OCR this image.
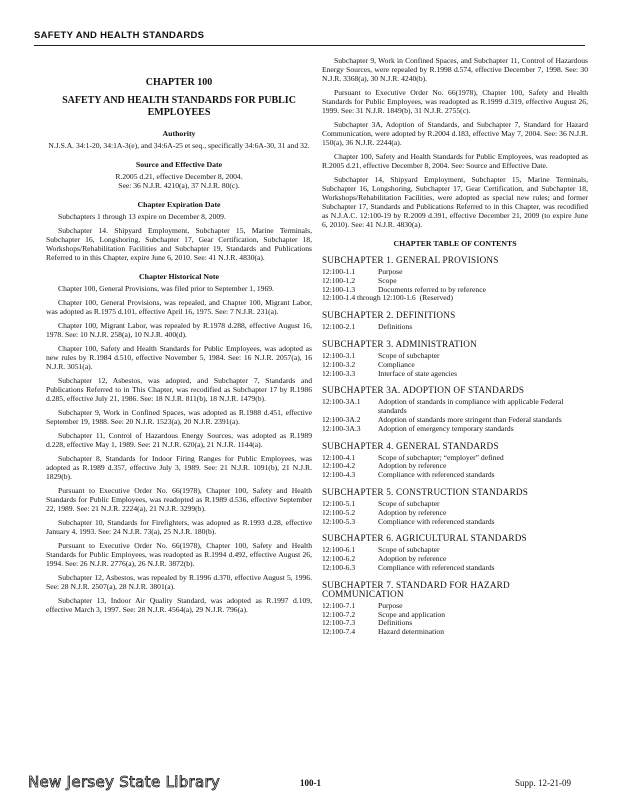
SAFETY AND HEALTH STANDARDS
CHAPTER 100
SAFETY AND HEALTH STANDARDS FOR PUBLIC EMPLOYEES
Authority

N.J.S.A. 34:1-20, 34:1A-3(e), and 34:6A-25 et seq., specifically 34:6A-30, 31 and 32.

Source and Effective Date

R.2005 d.21, effective December 8, 2004.

See: 36 N.J.R. 4210(a), 37 N.J.R. 80(c).

Chapter Expiration Date

Subchapters 1 through 13 expire on December 8, 2009.

Subchapter 14. Shipyard Employment, Subchapter 15, Marine Terminals, Subchapter 16, Longshoring, Subchapter 17, Gear Certification, Subchapter 18, Workshops/Rehabilitation Facilities and Subchapter 19, Standards and Publications Referred to in this Chapter, expire June 6, 2010. See: 41 N.J.R. 4830(a).

Chapter Historical Note

Chapter 100, General Provisions, was filed prior to September 1, 1969.

Chapter 100, General Provisions, was repealed, and Chapter 100, Migrant Labor, was adopted as R.1975 d.101, effective April 16, 1975. See: 7 N.J.R. 231(a).

Chapter 100, Migrant Labor, was repealed by R.1978 d.288, effective August 16, 1978. See: 10 N.J.R. 258(a), 10 N.J.R. 400(d).

Chapter 100, Safety and Health Standards for Public Employees, was adopted as new rules by R.1984 d.510, effective November 5, 1984. See: 16 N.J.R. 2057(a), 16 N.J.R. 3051(a).

Subchapter 12, Asbestos, was adopted, and Subchapter 7, Standards and Publications Referred to in This Chapter, was recodified as Subchapter 17 by R.1986 d.285, effective July 21, 1986. See: 18 N.J.R. 811(b), 18 N.J.R. 1479(b).

Subchapter 9, Work in Confined Spaces, was adopted as R.1988 d.451, effective September 19, 1988. See: 20 N.J.R. 1523(a), 20 N.J.R. 2391(a).

Subchapter 11, Control of Hazardous Energy Sources, was adopted as R.1989 d.228, effective May 1, 1989. See: 21 N.J.R. 620(a), 21 N.J.R. 1144(a).

Subchapter 8, Standards for Indoor Firing Ranges for Public Employees, was adopted as R.1989 d.357, effective July 3, 1989. See: 21 N.J.R. 1091(b), 21 N.J.R. 1829(b).

Pursuant to Executive Order No. 66(1978), Chapter 100, Safety and Health Standards for Public Employees, was readopted as R.1989 d.536, effective September 22, 1989. See: 21 N.J.R. 2224(a), 21 N.J.R. 3299(b).

Subchapter 10, Standards for Firefighters, was adopted as R.1993 d.28, effective January 4, 1993. See: 24 N.J.R. 73(a), 25 N.J.R. 180(b).

Pursuant to Executive Order No. 66(1978), Chapter 100, Safety and Health Standards for Public Employees, was readopted as R.1994 d.492, effective August 26, 1994. See: 26 N.J.R. 2776(a), 26 N.J.R. 3872(b).

Subchapter 12, Asbestos, was repealed by R.1996 d.370, effective August 5, 1996. See: 28 N.J.R. 2507(a), 28 N.J.R. 3801(a).

Subchapter 13, Indoor Air Quality Standard, was adopted as R.1997 d.109, effective March 3, 1997. See: 28 N.J.R. 4564(a), 29 N.J.R. 796(a).

Subchapter 9, Work in Confined Spaces, and Subchapter 11, Control of Hazardous Energy Sources, were repealed by R.1998 d.574, effective December 7, 1998. See: 30 N.J.R. 3368(a), 30 N.J.R. 4240(b).

Pursuant to Executive Order No. 66(1978), Chapter 100, Safety and Health Standards for Public Employees, was readopted as R.1999 d.319, effective August 26, 1999. See: 31 N.J.R. 1849(b), 31 N.J.R. 2755(c).

Subchapter 3A, Adoption of Standards, and Subchapter 7, Standard for Hazard Communication, were adopted by R.2004 d.183, effective May 7, 2004. See: 36 N.J.R. 150(a), 36 N.J.R. 2244(a).

Chapter 100, Safety and Health Standards for Public Employees, was readopted as R.2005 d.21, effective December 8, 2004. See: Source and Effective Date.

Subchapter 14, Shipyard Employment, Subchapter 15, Marine Terminals, Subchapter 16, Longshoring, Subchapter 17, Gear Certification, and Subchapter 18, Workshops/Rehabilitation Facilities, were adopted as special new rules; and former Subchapter 17, Standards and Publications Referred to in this Chapter, was recodified as N.J.A.C. 12:100-19 by R.2009 d.391, effective December 21, 2009 (to expire June 6, 2010). See: 41 N.J.R. 4830(a).

CHAPTER TABLE OF CONTENTS
SUBCHAPTER 1. GENERAL PROVISIONS
12:100-1.1	Purpose
12:100-1.2	Scope
12:100-1.3	Documents referred to by reference
12:100-1.4 through 12:100-1.6 (Reserved)
SUBCHAPTER 2. DEFINITIONS
12:100-2.1	Definitions
SUBCHAPTER 3. ADMINISTRATION
12:100-3.1	Scope of subchapter
12:100-3.2	Compliance
12:100-3.3	Interface of state agencies
SUBCHAPTER 3A. ADOPTION OF STANDARDS
12:100-3A.1	Adoption of standards in compliance with applicable Federal standards
12:100-3A.2	Adoption of standards more stringent than Federal standards
12:100-3A.3	Adoption of emergency temporary standards
SUBCHAPTER 4. GENERAL STANDARDS
12:100-4.1	Scope of subchapter; “employer” defined
12:100-4.2	Adoption by reference
12:100-4.3	Compliance with referenced standards
SUBCHAPTER 5. CONSTRUCTION STANDARDS
12:100-5.1	Scope of subchapter
12:100-5.2	Adoption by reference
12:100-5.3	Compliance with referenced standards
SUBCHAPTER 6. AGRICULTURAL STANDARDS
12:100-6.1	Scope of subchapter
12:100-6.2	Adoption by reference
12:100-6.3	Compliance with referenced standards
SUBCHAPTER 7. STANDARD FOR HAZARD COMMUNICATION
12:100-7.1	Purpose
12:100-7.2	Scope and application
12:100-7.3	Definitions
12:100-7.4	Hazard determination
New Jersey State Library	100-1	Supp. 12-21-09
